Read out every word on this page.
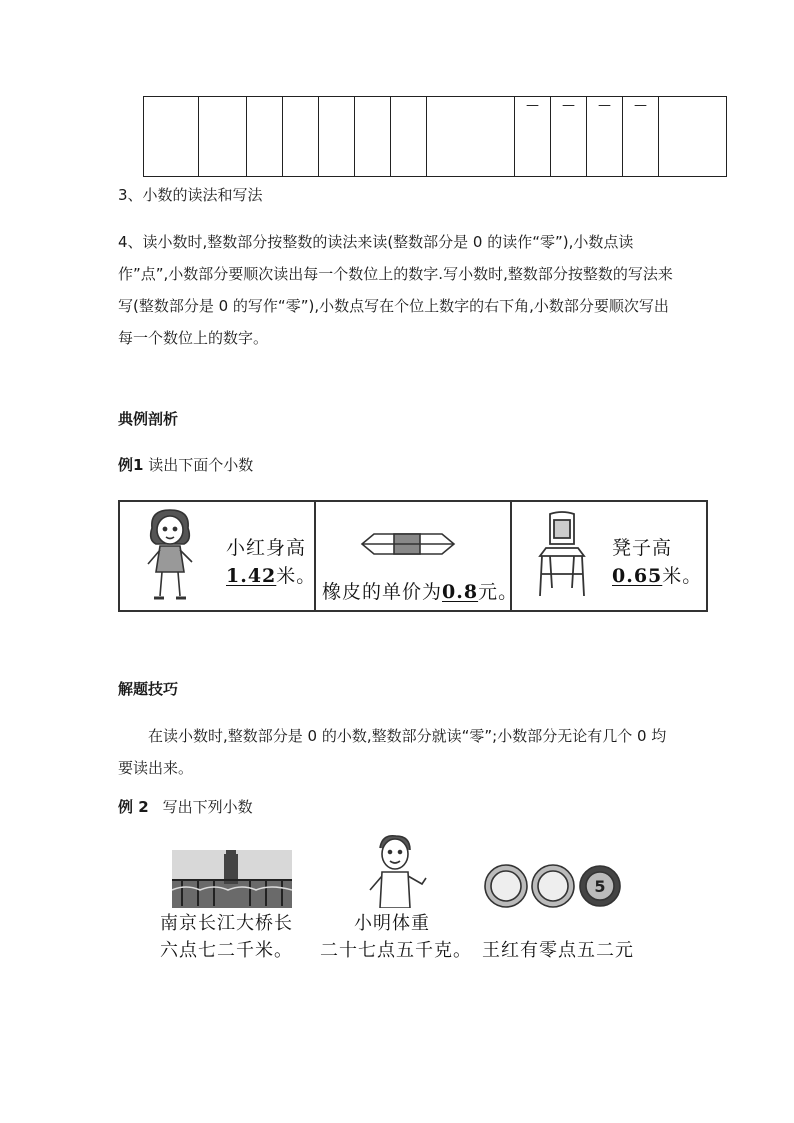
								—	—	—	—	
3、小数的读法和写法
4、读小数时,整数部分按整数的读法来读(整数部分是 0 的读作“零”),小数点读作”点”,小数部分要顺次读出每一个数位上的数字.写小数时,整数部分按整数的写法来写(整数部分是 0 的写作“零”),小数点写在个位上数字的右下角,小数部分要顺次写出每一个数位上的数字。
典例剖析
例1 读出下面个小数
小红身高
1.42米。
橡皮的单价为0.8元。
凳子高
0.65米。
解题技巧
在读小数时,整数部分是 0 的小数,整数部分就读“零”;小数部分无论有几个 0 均要读出来。
例 2 写出下列小数
南京长江大桥长
六点七二千米。
小明体重
二十七点五千克。
5
王红有零点五二元
